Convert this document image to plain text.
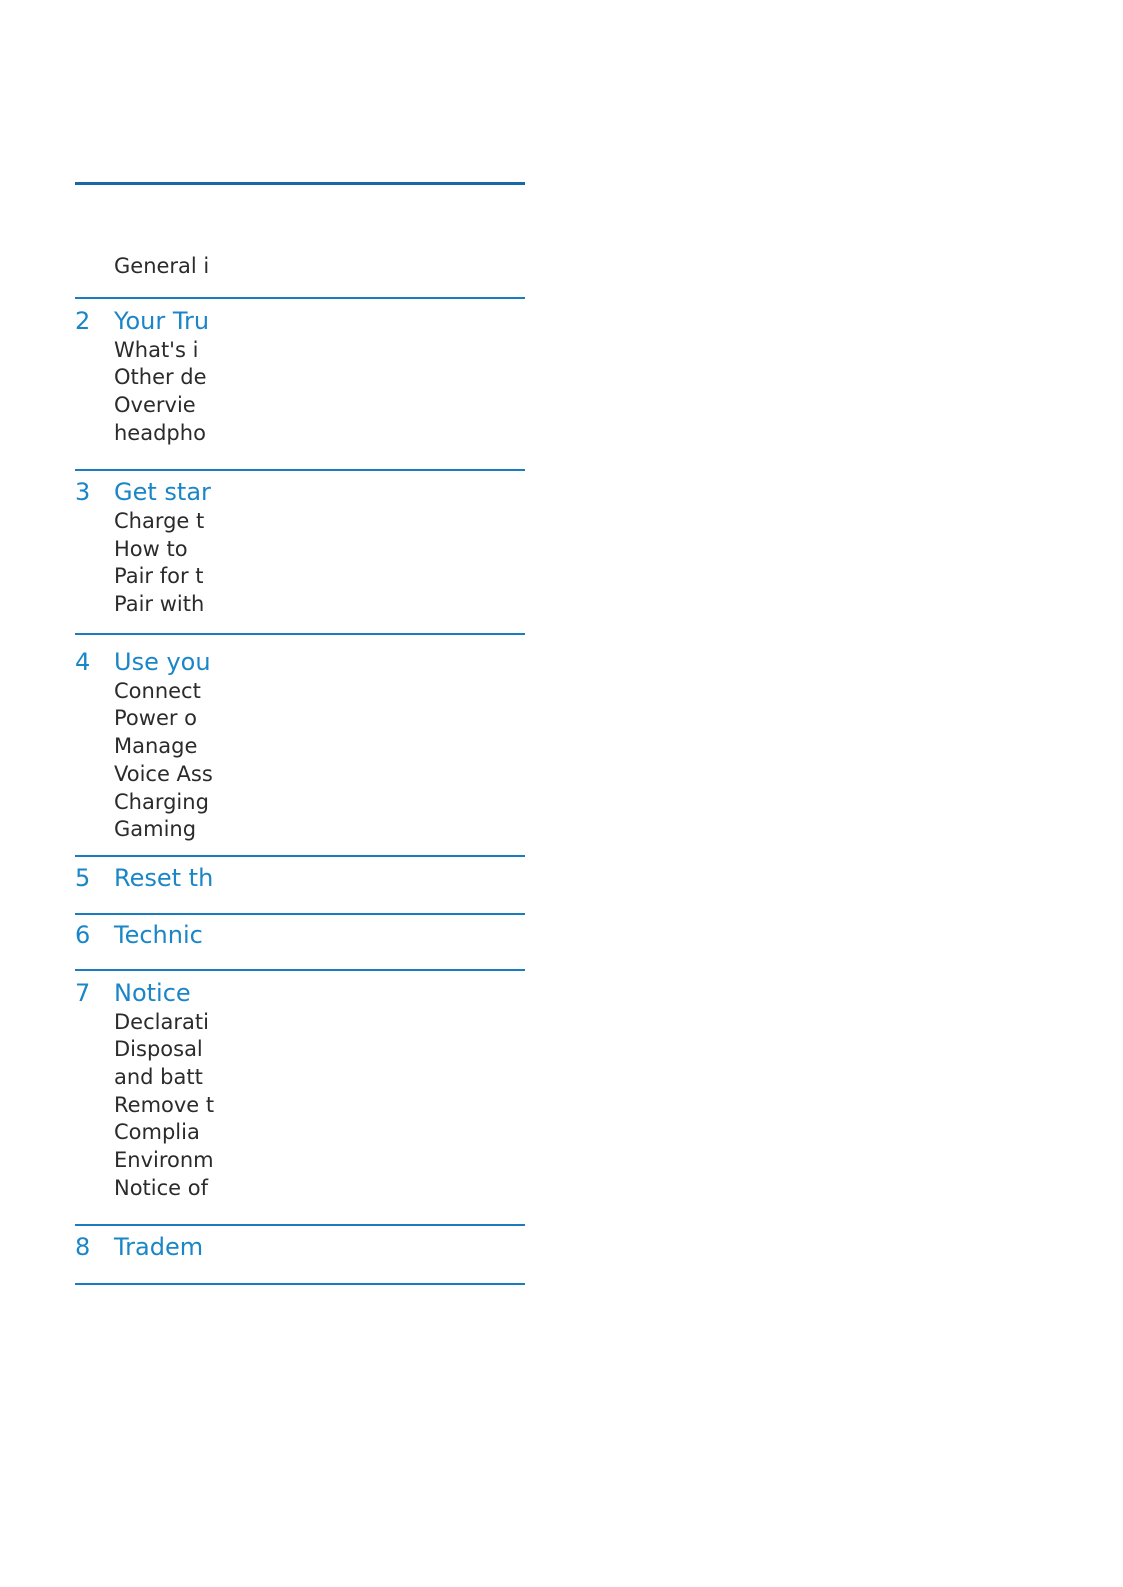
General i
2 Your Tru
What's i
Other de
Overvie
headpho
3 Get star
Charge t
How to
Pair for t
Pair with
4 Use you
Connect
Power o
Manage
Voice Ass
Charging
Gaming
5 Reset th
6 Technic
7 Notice
Declarati
Disposal
and batt
Remove t
Complia
Environm
Notice of
8 Tradem
